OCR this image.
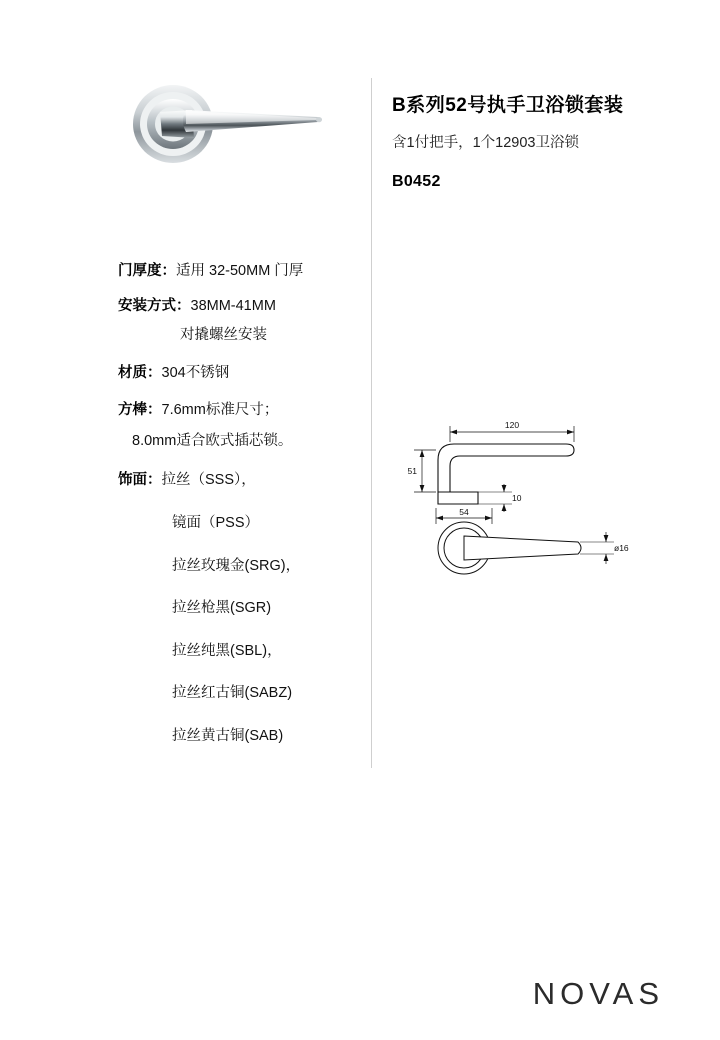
B系列52号执手卫浴锁套装
含1付把手，1个12903卫浴锁
B0452
门厚度：适用 32-50MM 门厚
安装方式：38MM-41MM
对撬螺丝安装
材质：304不锈钢
方棒：7.6mm标准尺寸；
8.0mm适合欧式插芯锁。
饰面：拉丝（SSS），
镜面（PSS）
拉丝玫瑰金(SRG)，
拉丝枪黑(SGR)
拉丝纯黑(SBL)，
拉丝红古铜(SABZ)
拉丝黄古铜(SAB)
120
51
10
54
ø16
NOVAS
